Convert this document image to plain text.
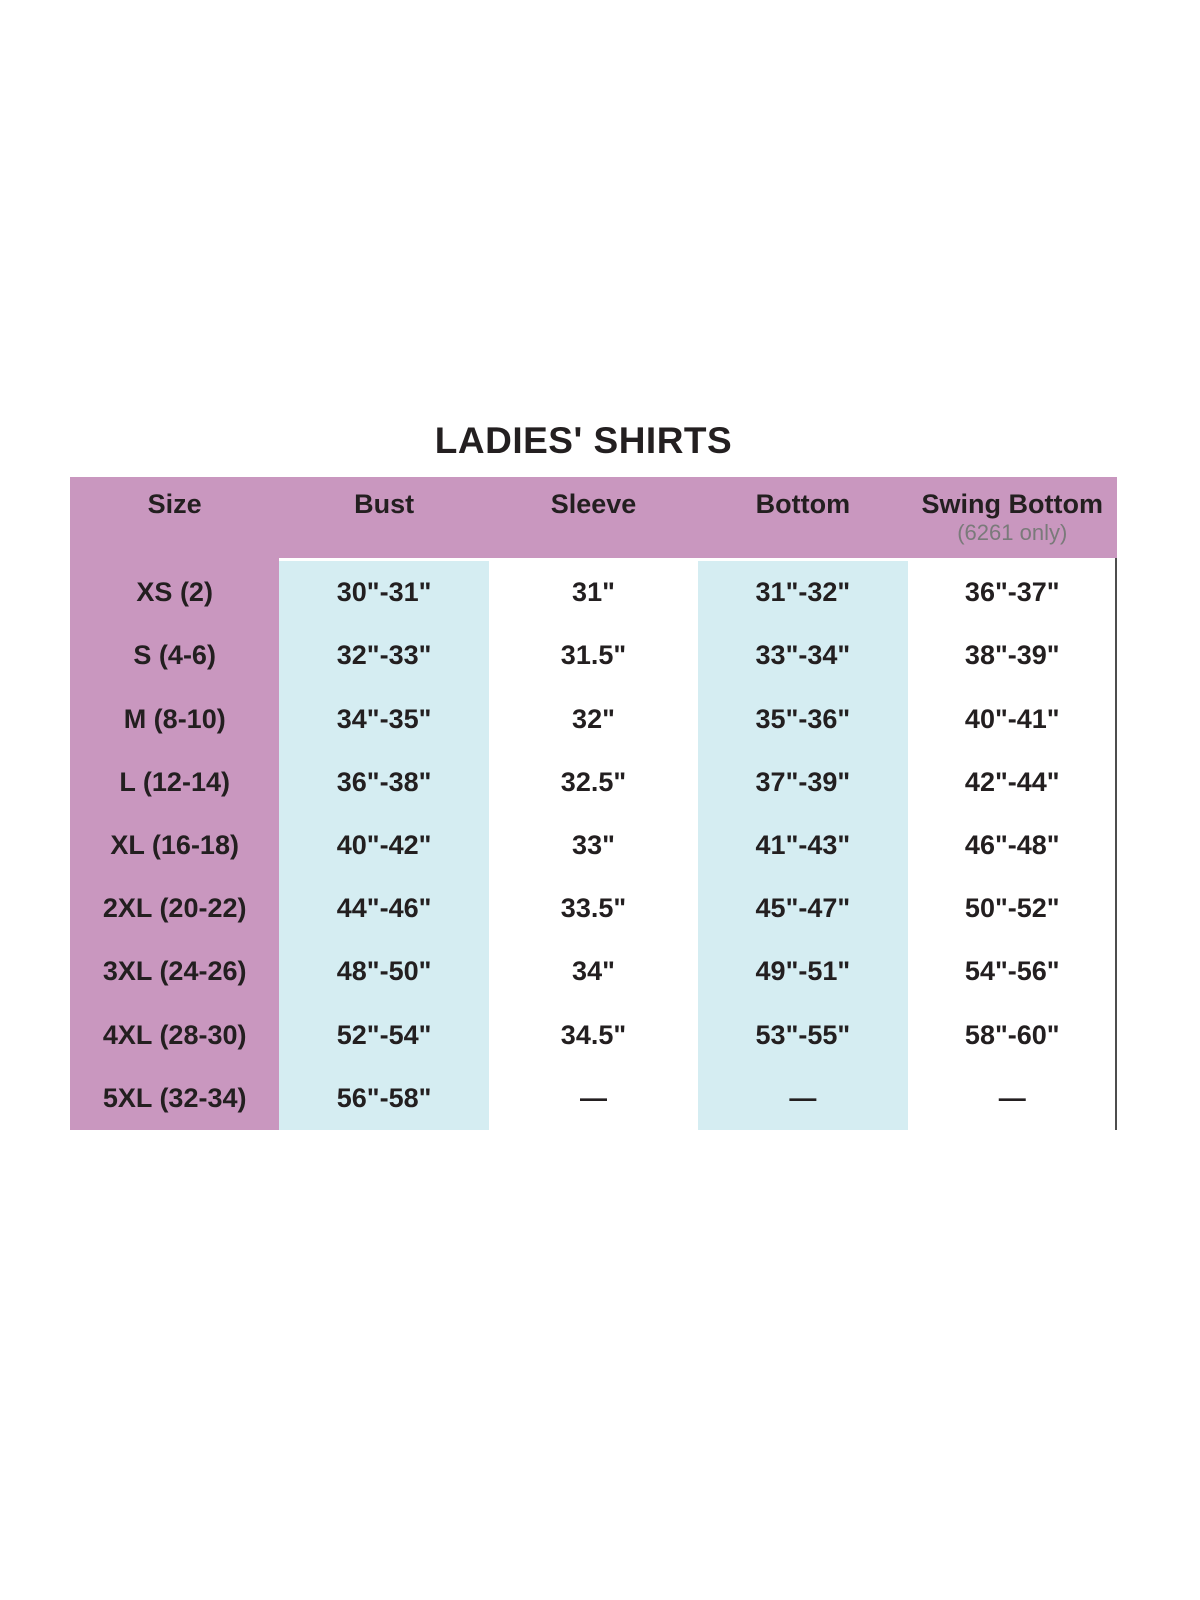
LADIES' SHIRTS
Size	Bust	Sleeve	Bottom	Swing Bottom
(6261 only)
XS (2)	30"-31"	31"	31"-32"	36"-37"
S (4-6)	32"-33"	31.5"	33"-34"	38"-39"
M (8-10)	34"-35"	32"	35"-36"	40"-41"
L (12-14)	36"-38"	32.5"	37"-39"	42"-44"
XL (16-18)	40"-42"	33"	41"-43"	46"-48"
2XL (20-22)	44"-46"	33.5"	45"-47"	50"-52"
3XL (24-26)	48"-50"	34"	49"-51"	54"-56"
4XL (28-30)	52"-54"	34.5"	53"-55"	58"-60"
5XL (32-34)	56"-58"	—	—	—
